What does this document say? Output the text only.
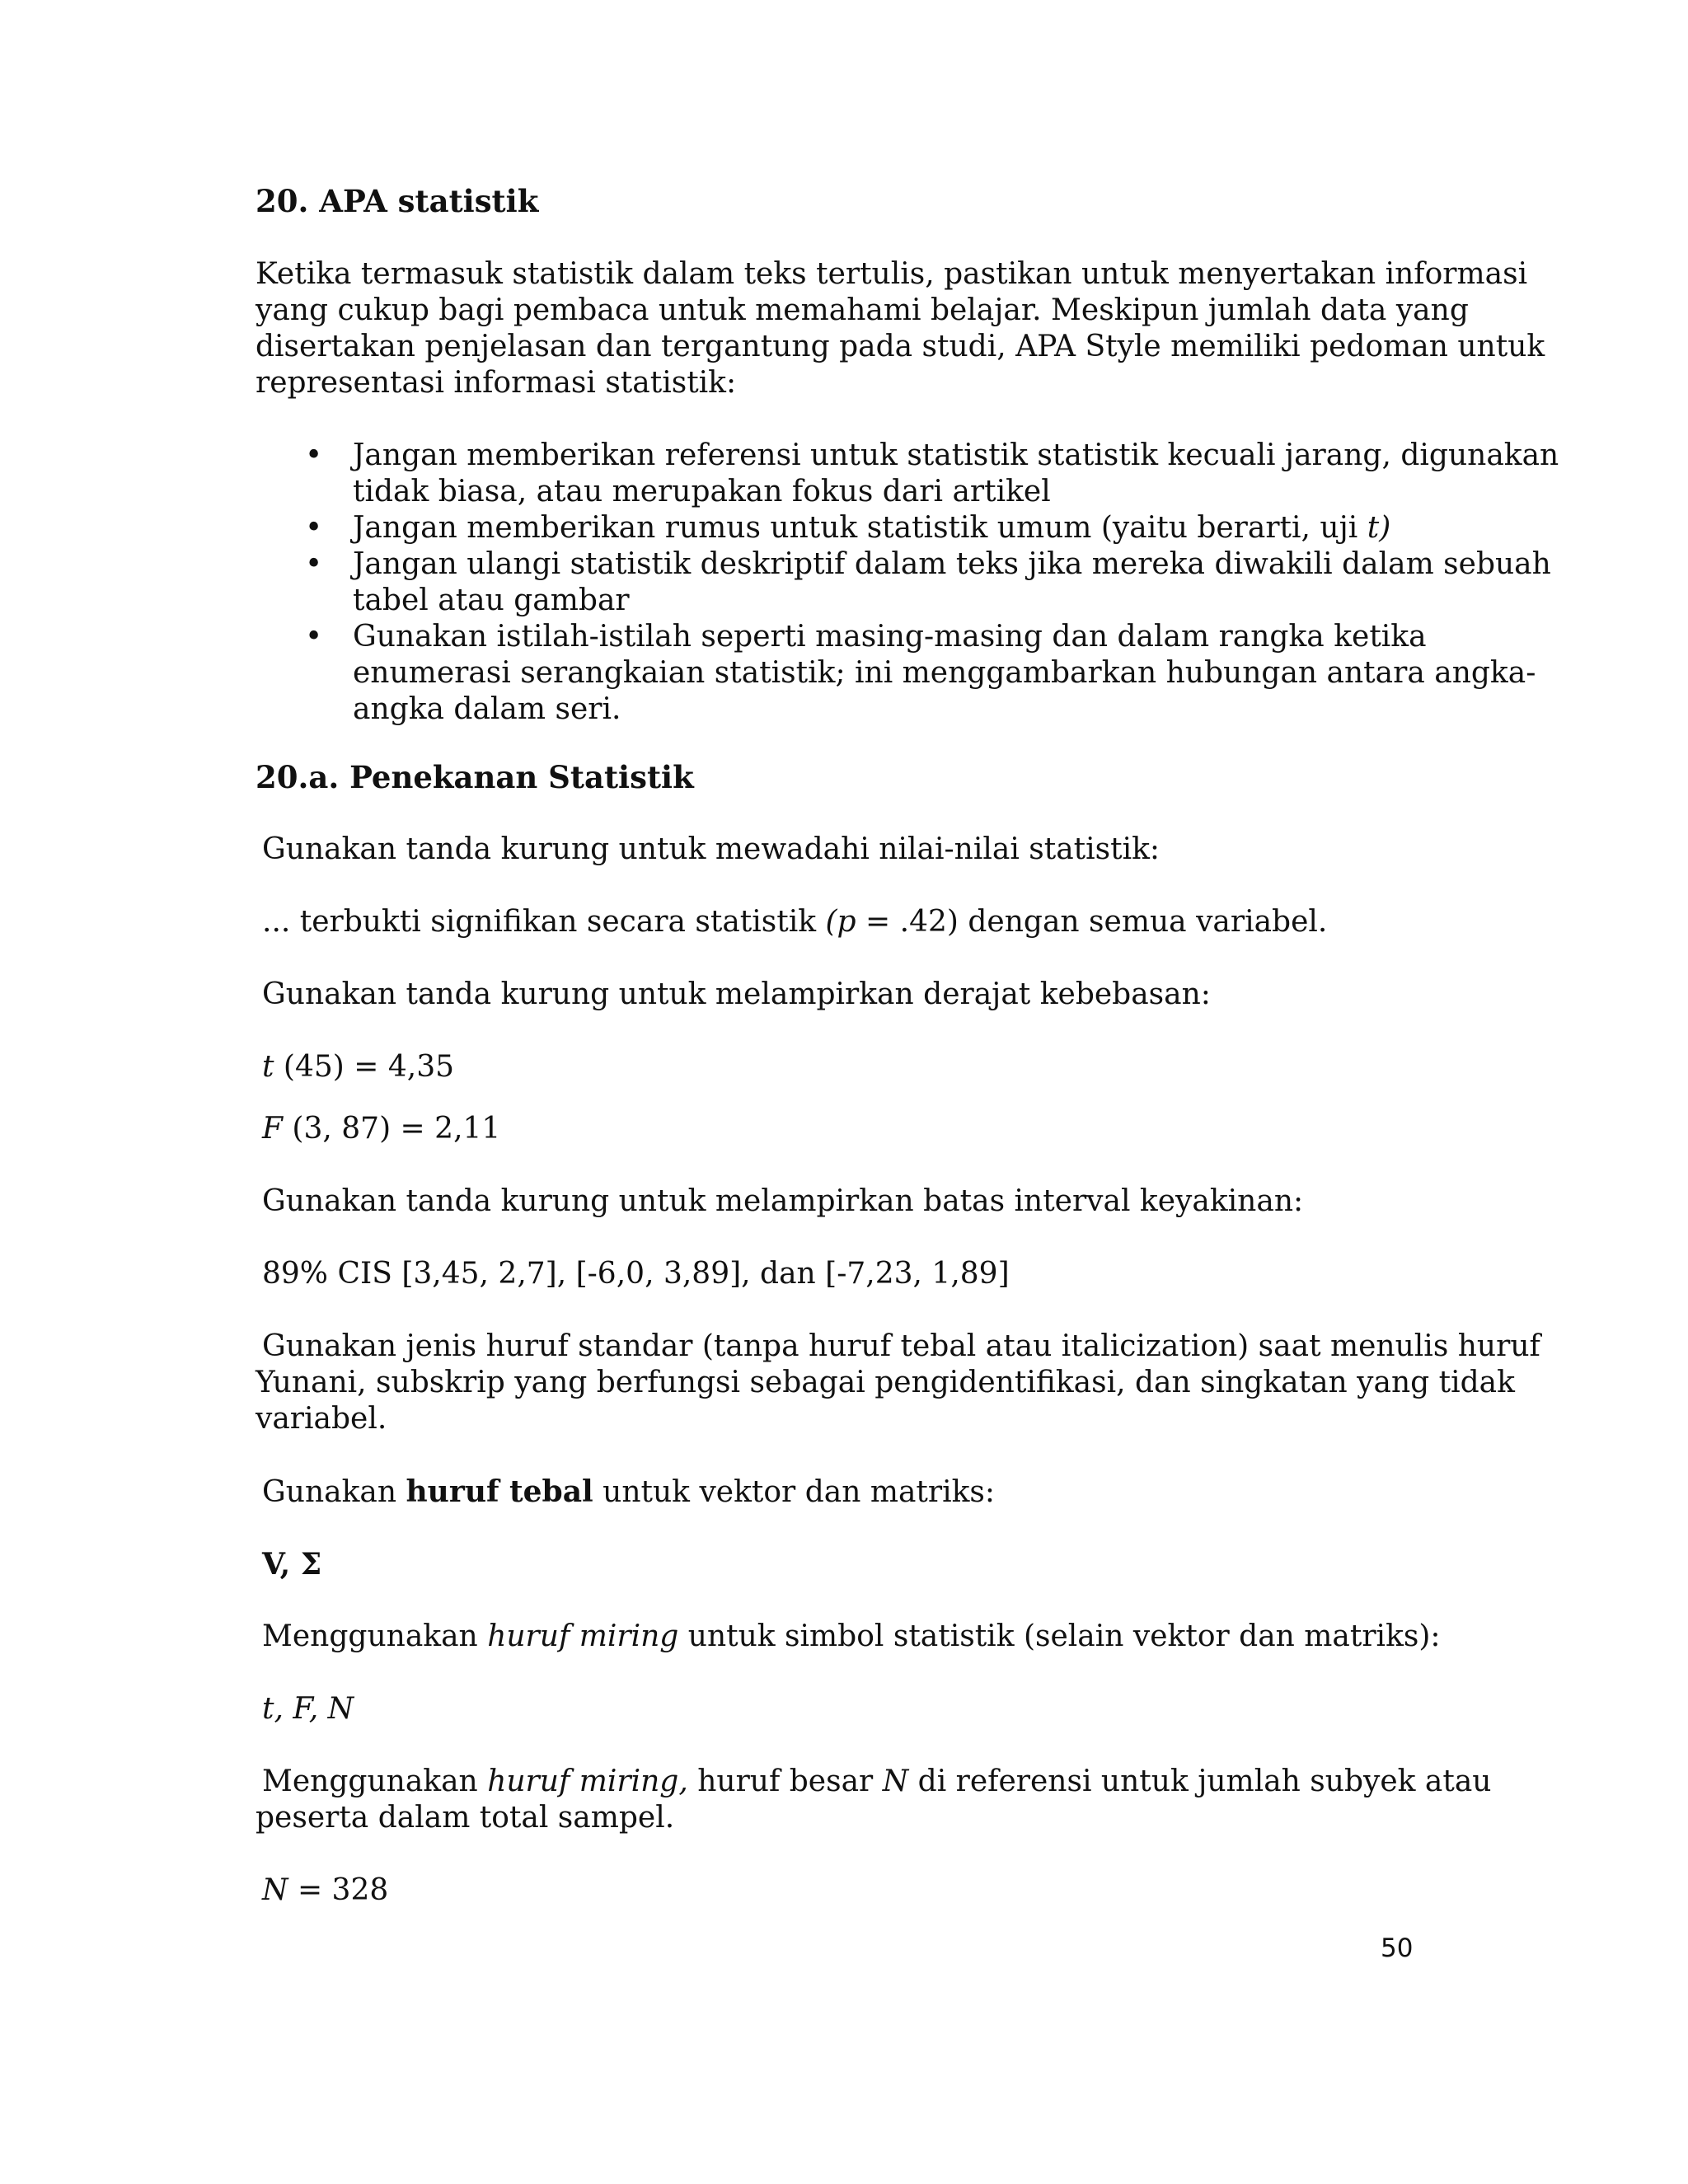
20. APA statistik
Ketika termasuk statistik dalam teks tertulis, pastikan untuk menyertakan informasi
yang cukup bagi pembaca untuk memahami belajar. Meskipun jumlah data yang
disertakan penjelasan dan tergantung pada studi, APA Style memiliki pedoman untuk
representasi informasi statistik:
• Jangan memberikan referensi untuk statistik statistik kecuali jarang, digunakan
tidak biasa, atau merupakan fokus dari artikel
• Jangan memberikan rumus untuk statistik umum (yaitu berarti, uji t)
• Jangan ulangi statistik deskriptif dalam teks jika mereka diwakili dalam sebuah
tabel atau gambar
• Gunakan istilah-istilah seperti masing-masing dan dalam rangka ketika
enumerasi serangkaian statistik; ini menggambarkan hubungan antara angka-
angka dalam seri.
20.a. Penekanan Statistik
Gunakan tanda kurung untuk mewadahi nilai-nilai statistik:
... terbukti signifikan secara statistik (p = .42) dengan semua variabel.
Gunakan tanda kurung untuk melampirkan derajat kebebasan:
t (45) = 4,35
F (3, 87) = 2,11
Gunakan tanda kurung untuk melampirkan batas interval keyakinan:
89% CIS [3,45, 2,7], [-6,0, 3,89], dan [-7,23, 1,89]
Gunakan jenis huruf standar (tanpa huruf tebal atau italicization) saat menulis huruf
Yunani, subskrip yang berfungsi sebagai pengidentifikasi, dan singkatan yang tidak
variabel.
Gunakan huruf tebal untuk vektor dan matriks:
V, Σ
Menggunakan huruf miring untuk simbol statistik (selain vektor dan matriks):
t, F, N
Menggunakan huruf miring, huruf besar N di referensi untuk jumlah subyek atau
peserta dalam total sampel.
N = 328
50
